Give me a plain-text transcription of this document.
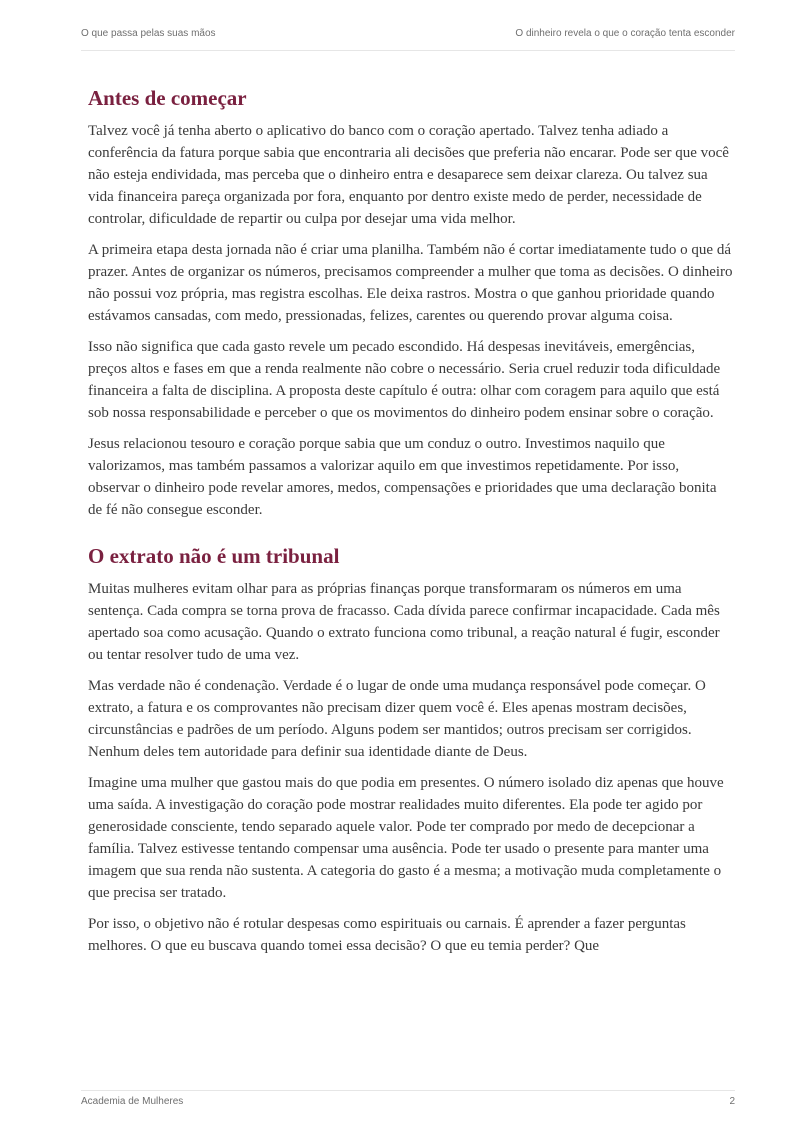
O que passa pelas suas mãos	O dinheiro revela o que o coração tenta esconder
Antes de começar

Talvez você já tenha aberto o aplicativo do banco com o coração apertado. Talvez tenha adiado a conferência da fatura porque sabia que encontraria ali decisões que preferia não encarar. Pode ser que você não esteja endividada, mas perceba que o dinheiro entra e desaparece sem deixar clareza. Ou talvez sua vida financeira pareça organizada por fora, enquanto por dentro existe medo de perder, necessidade de controlar, dificuldade de repartir ou culpa por desejar uma vida melhor.

A primeira etapa desta jornada não é criar uma planilha. Também não é cortar imediatamente tudo o que dá prazer. Antes de organizar os números, precisamos compreender a mulher que toma as decisões. O dinheiro não possui voz própria, mas registra escolhas. Ele deixa rastros. Mostra o que ganhou prioridade quando estávamos cansadas, com medo, pressionadas, felizes, carentes ou querendo provar alguma coisa.

Isso não significa que cada gasto revele um pecado escondido. Há despesas inevitáveis, emergências, preços altos e fases em que a renda realmente não cobre o necessário. Seria cruel reduzir toda dificuldade financeira a falta de disciplina. A proposta deste capítulo é outra: olhar com coragem para aquilo que está sob nossa responsabilidade e perceber o que os movimentos do dinheiro podem ensinar sobre o coração.

Jesus relacionou tesouro e coração porque sabia que um conduz o outro. Investimos naquilo que valorizamos, mas também passamos a valorizar aquilo em que investimos repetidamente. Por isso, observar o dinheiro pode revelar amores, medos, compensações e prioridades que uma declaração bonita de fé não consegue esconder.

O extrato não é um tribunal

Muitas mulheres evitam olhar para as próprias finanças porque transformaram os números em uma sentença. Cada compra se torna prova de fracasso. Cada dívida parece confirmar incapacidade. Cada mês apertado soa como acusação. Quando o extrato funciona como tribunal, a reação natural é fugir, esconder ou tentar resolver tudo de uma vez.

Mas verdade não é condenação. Verdade é o lugar de onde uma mudança responsável pode começar. O extrato, a fatura e os comprovantes não precisam dizer quem você é. Eles apenas mostram decisões, circunstâncias e padrões de um período. Alguns podem ser mantidos; outros precisam ser corrigidos. Nenhum deles tem autoridade para definir sua identidade diante de Deus.

Imagine uma mulher que gastou mais do que podia em presentes. O número isolado diz apenas que houve uma saída. A investigação do coração pode mostrar realidades muito diferentes. Ela pode ter agido por generosidade consciente, tendo separado aquele valor. Pode ter comprado por medo de decepcionar a família. Talvez estivesse tentando compensar uma ausência. Pode ter usado o presente para manter uma imagem que sua renda não sustenta. A categoria do gasto é a mesma; a motivação muda completamente o que precisa ser tratado.

Por isso, o objetivo não é rotular despesas como espirituais ou carnais. É aprender a fazer perguntas melhores. O que eu buscava quando tomei essa decisão? O que eu temia perder? Que

Academia de Mulheres	2
